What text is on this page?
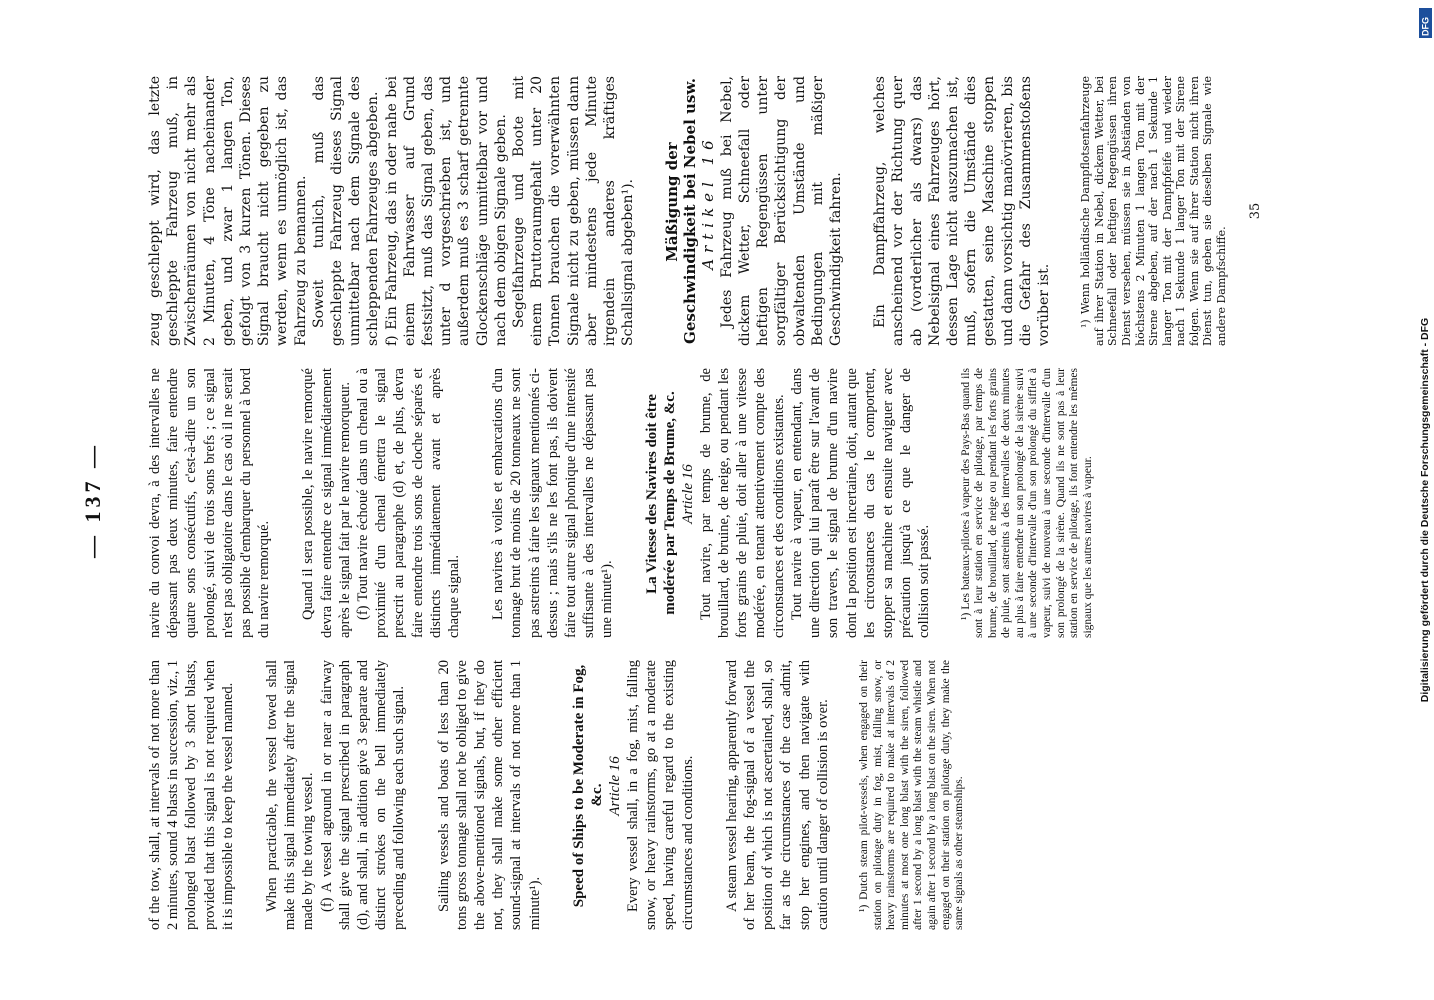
— 137 —

of the tow, shall, at intervals of not more than 2 minutes, sound 4 blasts in succession, viz., 1 prolonged blast followed by 3 short blasts, provided that this signal is not required when it is impossible to keep the vessel manned. When practicable, the vessel towed shall make this signal immediately after the signal made by the towing vessel. (f) A vessel aground in or near a fairway shall give the signal prescribed in paragraph (d), and shall, in addition give 3 separate and distinct strokes on the bell immediately preceding and following each such signal. Sailing vessels and boats of less than 20 tons gross tonnage shall not be obliged to give the above-mentioned signals, but, if they do not, they shall make some other efficient sound-signal at intervals of not more than 1 minute¹). Speed of Ships to be Moderate in Fog, &c. Article 16 Every vessel shall, in a fog, mist, falling snow, or heavy rainstorms, go at a moderate speed, having careful regard to the existing circumstances and conditions. A steam vessel hearing, apparently forward of her beam, the fog-signal of a vessel the position of which is not ascertained, shall, so far as the circumstances of the case admit, stop her engines, and then navigate with caution until danger of collision is over. ¹) Dutch steam pilot-vessels, when engaged on their station on pilotage duty in fog, mist, falling snow, or heavy rainstorms are required to make at intervals of 2 minutes at most one long blast with the siren, followed after 1 second by a long blast with the steam whistle and again after 1 second by a long blast on the siren. When not engaged on their station on pilotage duty, they make the same signals as other steamships.

navire du convoi devra, à des intervalles ne dépassant pas deux minutes, faire entendre quatre sons consécutifs, c'est-à-dire un son prolongé, suivi de trois sons brefs ; ce signal n'est pas obligatoire dans le cas où il ne serait pas possible d'embarquer du personnel à bord du navire remorqué. Quand il sera possible, le navire remorqué devra faire entendre ce signal immédiatement après le signal fait par le navire remorqueur. (f) Tout navire échoué dans un chenal ou à proximité d'un chenal émettra le signal prescrit au paragraphe (d) et, de plus, devra faire entendre trois sons de cloche séparés et distincts immédiatement avant et après chaque signal. Les navires à voiles et embarcations d'un tonnage brut de moins de 20 tonneaux ne sont pas astreints à faire les signaux mentionnés ci-dessus ; mais s'ils ne les font pas, ils doivent faire tout autre signal phonique d'une intensité suffisante à des intervalles ne dépassant pas une minute¹).

La Vitesse des Navires doit être modérée par Temps de Brume, &c. Article 16 Tout navire, par temps de brume, de brouillard, de bruine, de neige, ou pendant les forts grains de pluie, doit aller à une vitesse modérée, en tenant attentivement compte des circonstances et des conditions existantes. Tout navire à vapeur, en entendant, dans une direction qui lui paraît être sur l'avant de son travers, le signal de brume d'un navire dont la position est incertaine, doit, autant que les circonstances du cas le comportent, stopper sa machine et ensuite naviguer avec précaution jusqu'à ce que le danger de collision soit passé. ¹) Les bateaux-pilotes à vapeur des Pays-Bas quand ils sont à leur station en service de pilotage, par temps de brume, de brouillard, de neige ou pendant les forts grains de pluie, sont astreints à des intervalles de deux minutes au plus à faire entendre un son prolongé de la sirène suivi à une seconde d'intervalle d'un son prolongé du sifflet à vapeur, suivi de nouveau à une seconde d'intervalle d'un son prolongé de la sirène. Quand ils ne sont pas à leur station en service de pilotage, ils font entendre les mêmes signaux que les autres navires à vapeur.

zeug geschleppt wird, das letzte geschleppte Fahrzeug muß, in Zwischenräumen von nicht mehr als 2 Minuten, 4 Töne nacheinander geben, und zwar 1 langen Ton, gefolgt von 3 kurzen Tönen. Dieses Signal braucht nicht gegeben zu werden, wenn es unmöglich ist, das Fahrzeug zu bemannen. Soweit tunlich, muß das geschleppte Fahrzeug dieses Signal unmittelbar nach dem Signale des schleppenden Fahrzeuges abgeben. f) Ein Fahrzeug, das in oder nahe bei einem Fahrwasser auf Grund festsitzt, muß das Signal geben, das unter d vorgeschrieben ist, und außerdem muß es 3 scharf getrennte Glockenschläge unmittelbar vor und nach dem obigen Signale geben. Segelfahrzeuge und Boote mit einem Bruttoraumgehalt unter 20 Tonnen brauchen die vorerwähnten Signale nicht zu geben, müssen dann aber mindestens jede Minute irgendein anderes kräftiges Schallsignal abgeben¹). Mäßigung der Geschwindigkeit bei Nebel usw. Artikel 16 Jedes Fahrzeug muß bei Nebel, dickem Wetter, Schneefall oder heftigen Regengüssen unter sorgfältiger Berücksichtigung der obwaltenden Umstände und Bedingungen mit mäßiger Geschwindigkeit fahren. Ein Dampffahrzeug, welches anscheinend vor der Richtung quer ab (vorderlicher als dwars) das Nebelsignal eines Fahrzeuges hört, dessen Lage nicht auszumachen ist, muß, sofern die Umstände dies gestatten, seine Maschine stoppen und dann vorsichtig manövrieren, bis die Gefahr des Zusammenstoßens vorüber ist. ¹) Wenn holländische Dampflotsenfahrzeuge auf ihrer Station in Nebel, dickem Wetter, bei Schneefall oder heftigen Regengüssen ihren Dienst versehen, müssen sie in Abständen von höchstens 2 Minuten 1 langen Ton mit der Sirene abgeben, auf der nach 1 Sekunde 1 langer Ton mit der Dampfpfeife und wieder nach 1 Sekunde 1 langer Ton mit der Sirene folgen. Wenn sie auf ihrer Station nicht ihren Dienst tun, geben sie dieselben Signale wie andere Dampfschiffe.

35
Digitalisierung gefördert durch die Deutsche Forschungsgemeinschaft - DFG
DFG
